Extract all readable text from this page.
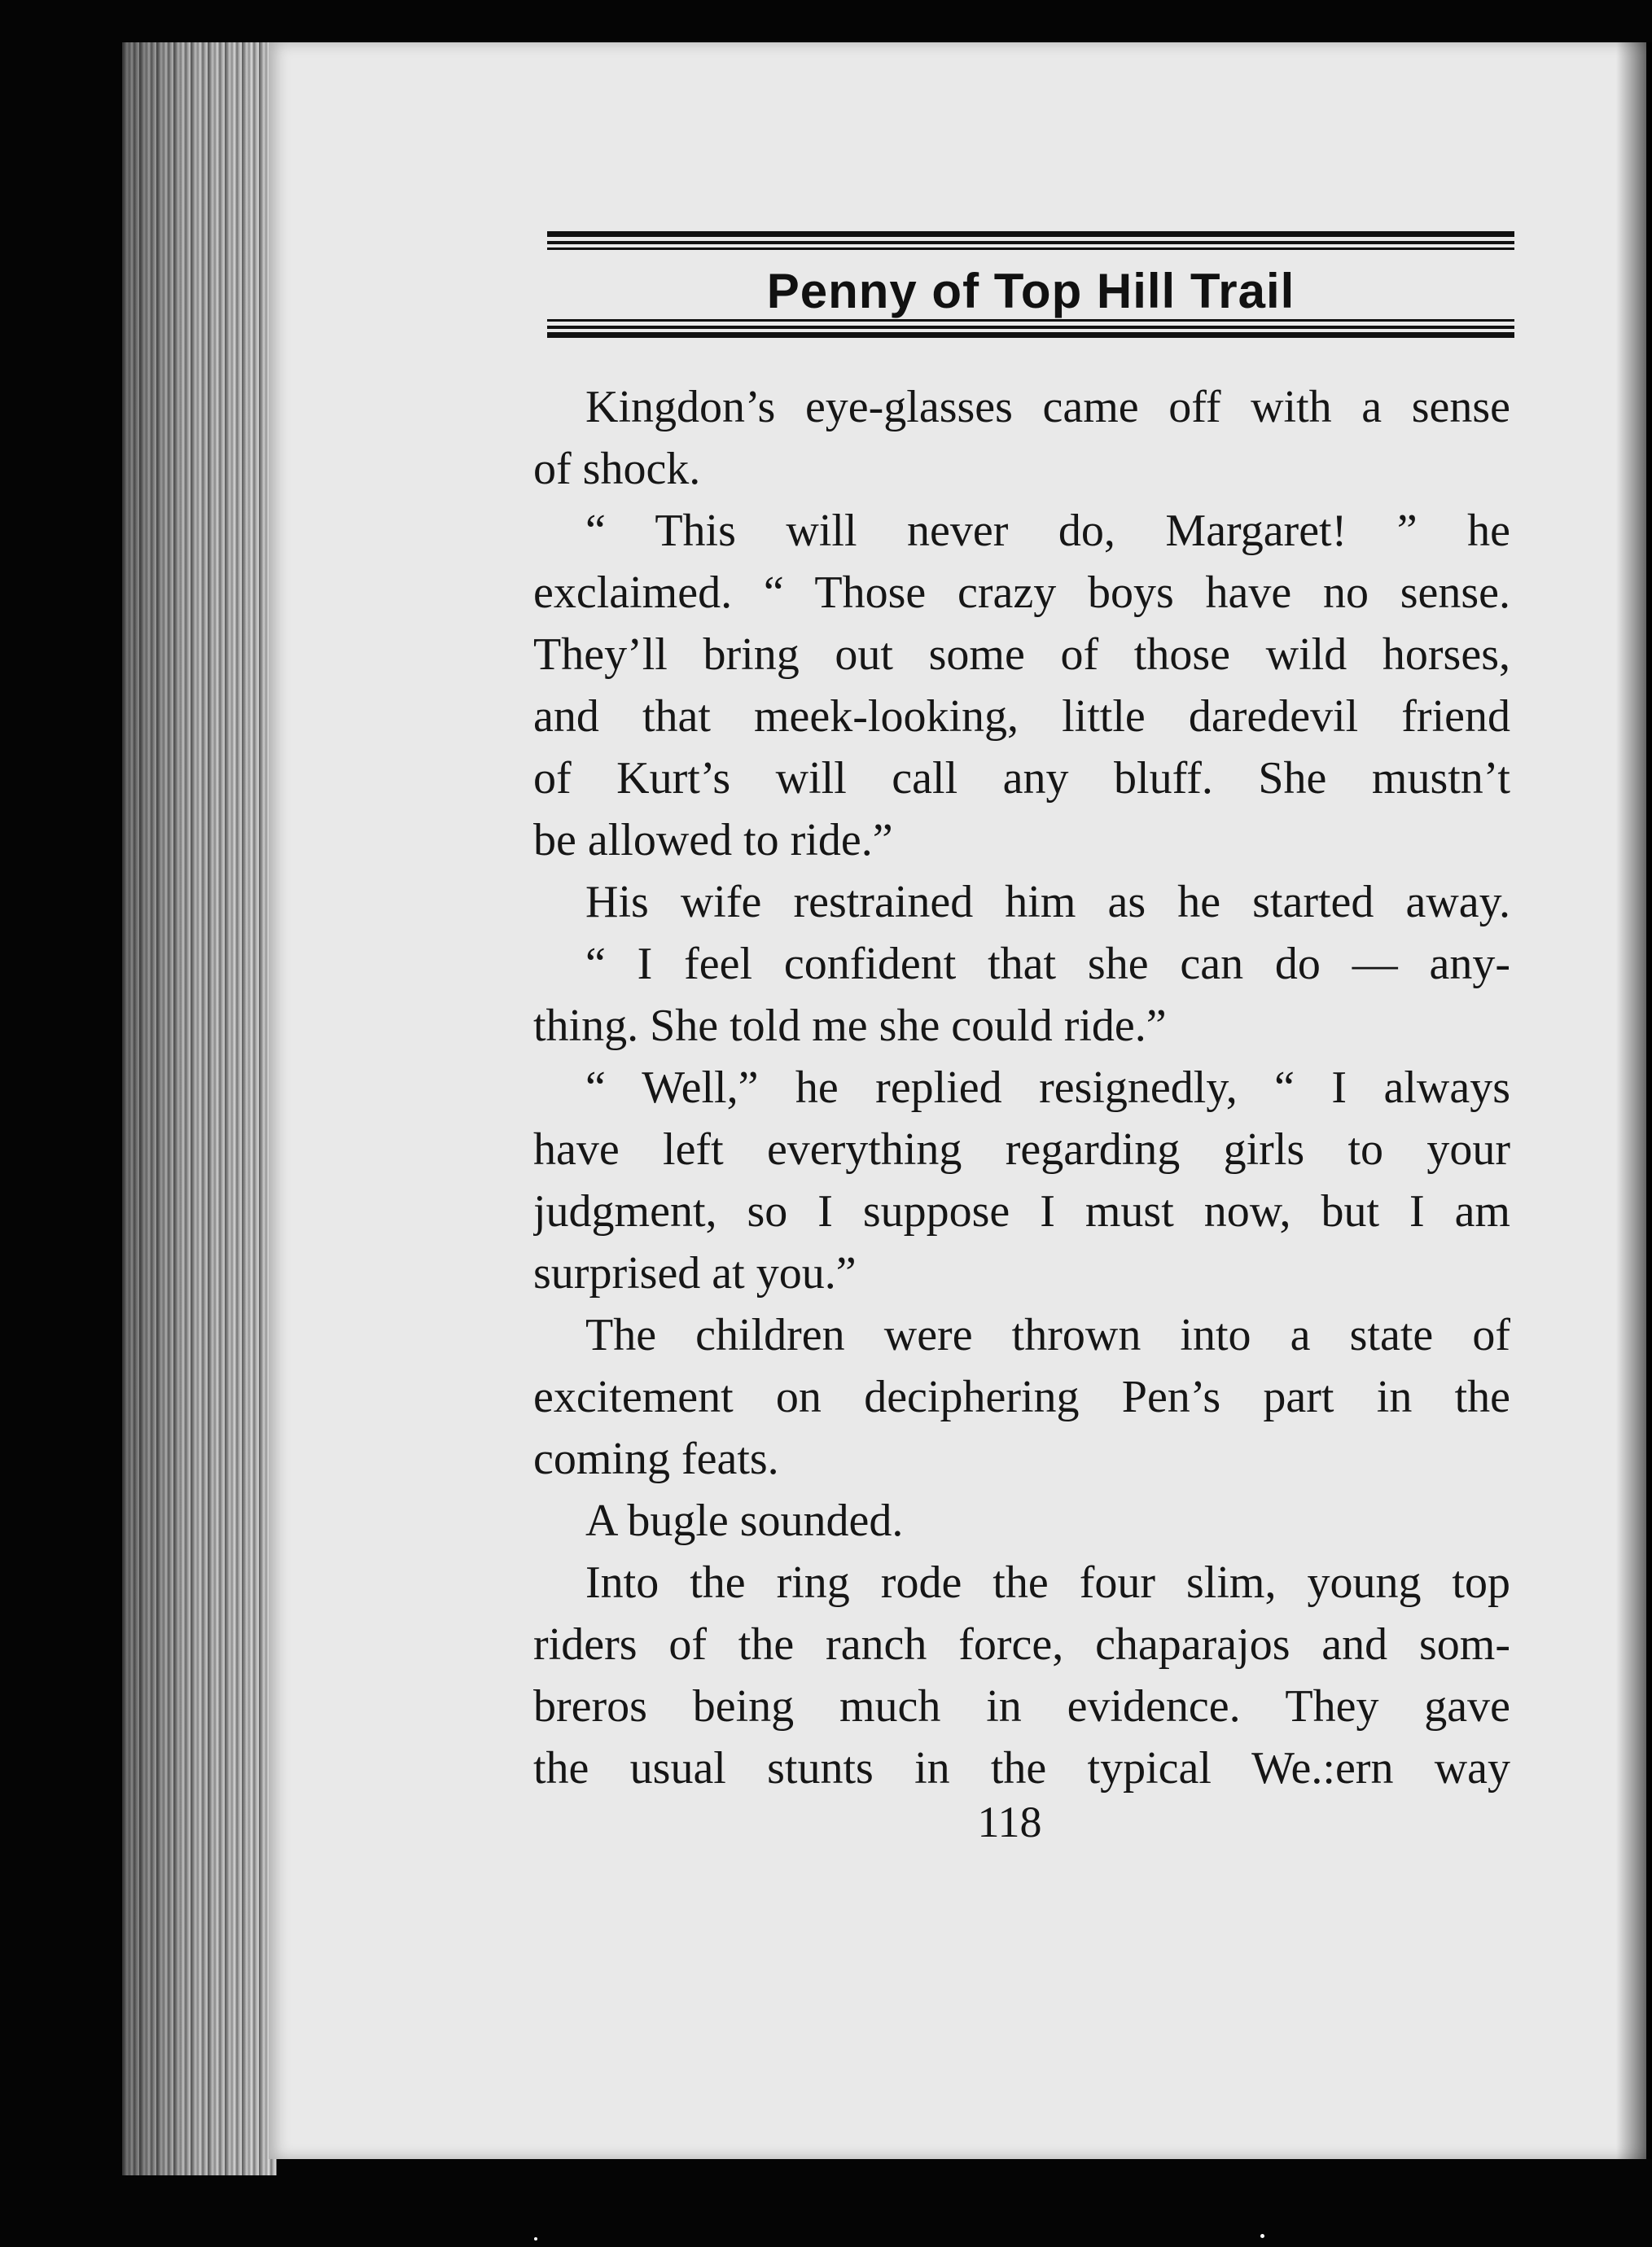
Penny of Top Hill Trail
Kingdon’s eye-glasses came off with a sense
of shock.
“ This will never do, Margaret! ” he
exclaimed. “ Those crazy boys have no sense.
They’ll bring out some of those wild horses,
and that meek-looking, little daredevil friend
of Kurt’s will call any bluff. She mustn’t
be allowed to ride.”
His wife restrained him as he started away.
“ I feel confident that she can do — any-
thing. She told me she could ride.”
“ Well,” he replied resignedly, “ I always
have left everything regarding girls to your
judgment, so I suppose I must now, but I am
surprised at you.”
The children were thrown into a state of
excitement on deciphering Pen’s part in the
coming feats.
A bugle sounded.
Into the ring rode the four slim, young top
riders of the ranch force, chaparajos and som-
breros being much in evidence. They gave
the usual stunts in the typical We.:ern way
118
